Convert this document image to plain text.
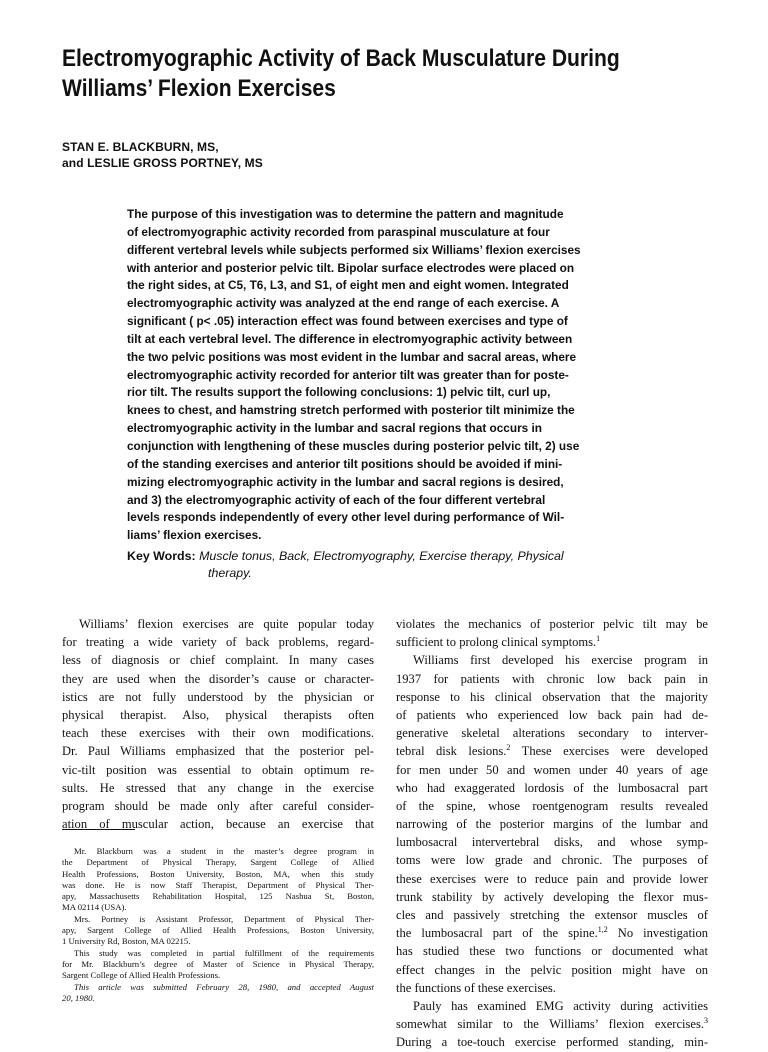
Electromyographic Activity of Back Musculature During
Williams’ Flexion Exercises
STAN E. BLACKBURN, MS,
and LESLIE GROSS PORTNEY, MS

The purpose of this investigation was to determine the pattern and magnitude
of electromyographic activity recorded from paraspinal musculature at four
different vertebral levels while subjects performed six Williams’ flexion exercises
with anterior and posterior pelvic tilt. Bipolar surface electrodes were placed on
the right sides, at C5, T6, L3, and S1, of eight men and eight women. Integrated
electromyographic activity was analyzed at the end range of each exercise. A
significant ( p< .05) interaction effect was found between exercises and type of
tilt at each vertebral level. The difference in electromyographic activity between
the two pelvic positions was most evident in the lumbar and sacral areas, where
electromyographic activity recorded for anterior tilt was greater than for poste-
rior tilt. The results support the following conclusions: 1) pelvic tilt, curl up,
knees to chest, and hamstring stretch performed with posterior tilt minimize the
electromyographic activity in the lumbar and sacral regions that occurs in
conjunction with lengthening of these muscles during posterior pelvic tilt, 2) use
of the standing exercises and anterior tilt positions should be avoided if mini-
mizing electromyographic activity in the lumbar and sacral regions is desired,
and 3) the electromyographic activity of each of the four different vertebral
levels responds independently of every other level during performance of Wil-
liams’ flexion exercises.

Key Words: Muscle tonus, Back, Electromyography, Exercise therapy, Physical
therapy.
Williams’ flexion exercises are quite popular today
for treating a wide variety of back problems, regard-
less of diagnosis or chief complaint. In many cases
they are used when the disorder’s cause or character-
istics are not fully understood by the physician or
physical therapist. Also, physical therapists often
teach these exercises with their own modifications.
Dr. Paul Williams emphasized that the posterior pel-
vic-tilt position was essential to obtain optimum re-
sults. He stressed that any change in the exercise
program should be made only after careful consider-
ation of muscular action, because an exercise that
Mr. Blackburn was a student in the master’s degree program in
the Department of Physical Therapy, Sargent College of Allied
Health Professions, Boston University, Boston, MA, when this study
was done. He is now Staff Therapist, Department of Physical Ther-
apy, Massachusetts Rehabilitation Hospital, 125 Nashua St, Boston,
MA 02114 (USA).
Mrs. Portney is Assistant Professor, Department of Physical Ther-
apy, Sargent College of Allied Health Professions, Boston University,
1 University Rd, Boston, MA 02215.
This study was completed in partial fulfillment of the requirements
for Mr. Blackburn’s degree of Master of Science in Physical Therapy,
Sargent College of Allied Health Professions.
This article was submitted February 28, 1980, and accepted August
20, 1980.
violates the mechanics of posterior pelvic tilt may be
sufficient to prolong clinical symptoms.$^1$
Williams first developed his exercise program in
1937 for patients with chronic low back pain in
response to his clinical observation that the majority
of patients who experienced low back pain had de-
generative skeletal alterations secondary to interver-
tebral disk lesions.$^2$ These exercises were developed
for men under 50 and women under 40 years of age
who had exaggerated lordosis of the lumbosacral part
of the spine, whose roentgenogram results revealed
narrowing of the posterior margins of the lumbar and
lumbosacral intervertebral disks, and whose symp-
toms were low grade and chronic. The purposes of
these exercises were to reduce pain and provide lower
trunk stability by actively developing the flexor mus-
cles and passively stretching the extensor muscles of
the lumbosacral part of the spine.$^{1,2}$ No investigation
has studied these two functions or documented what
effect changes in the pelvic position might have on
the functions of these exercises.
Pauly has examined EMG activity during activities
somewhat similar to the Williams’ flexion exercises.$^3$
During a toe-touch exercise performed standing, min-
